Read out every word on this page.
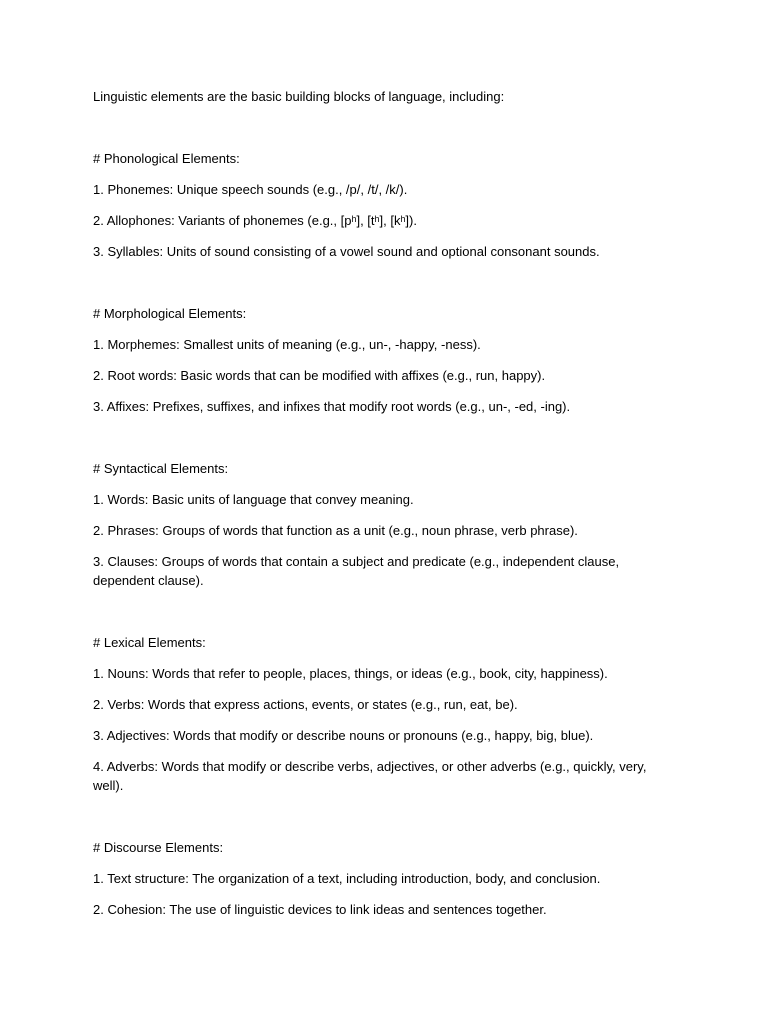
Linguistic elements are the basic building blocks of language, including:

# Phonological Elements:

1. Phonemes: Unique speech sounds (e.g., /p/, /t/, /k/).

2. Allophones: Variants of phonemes (e.g., [pʰ], [tʰ], [kʰ]).

3. Syllables: Units of sound consisting of a vowel sound and optional consonant sounds.

# Morphological Elements:

1. Morphemes: Smallest units of meaning (e.g., un-, -happy, -ness).

2. Root words: Basic words that can be modified with affixes (e.g., run, happy).

3. Affixes: Prefixes, suffixes, and infixes that modify root words (e.g., un-, -ed, -ing).

# Syntactical Elements:

1. Words: Basic units of language that convey meaning.

2. Phrases: Groups of words that function as a unit (e.g., noun phrase, verb phrase).

3. Clauses: Groups of words that contain a subject and predicate (e.g., independent clause, dependent clause).

# Lexical Elements:

1. Nouns: Words that refer to people, places, things, or ideas (e.g., book, city, happiness).

2. Verbs: Words that express actions, events, or states (e.g., run, eat, be).

3. Adjectives: Words that modify or describe nouns or pronouns (e.g., happy, big, blue).

4. Adverbs: Words that modify or describe verbs, adjectives, or other adverbs (e.g., quickly, very, well).

# Discourse Elements:

1. Text structure: The organization of a text, including introduction, body, and conclusion.

2. Cohesion: The use of linguistic devices to link ideas and sentences together.
